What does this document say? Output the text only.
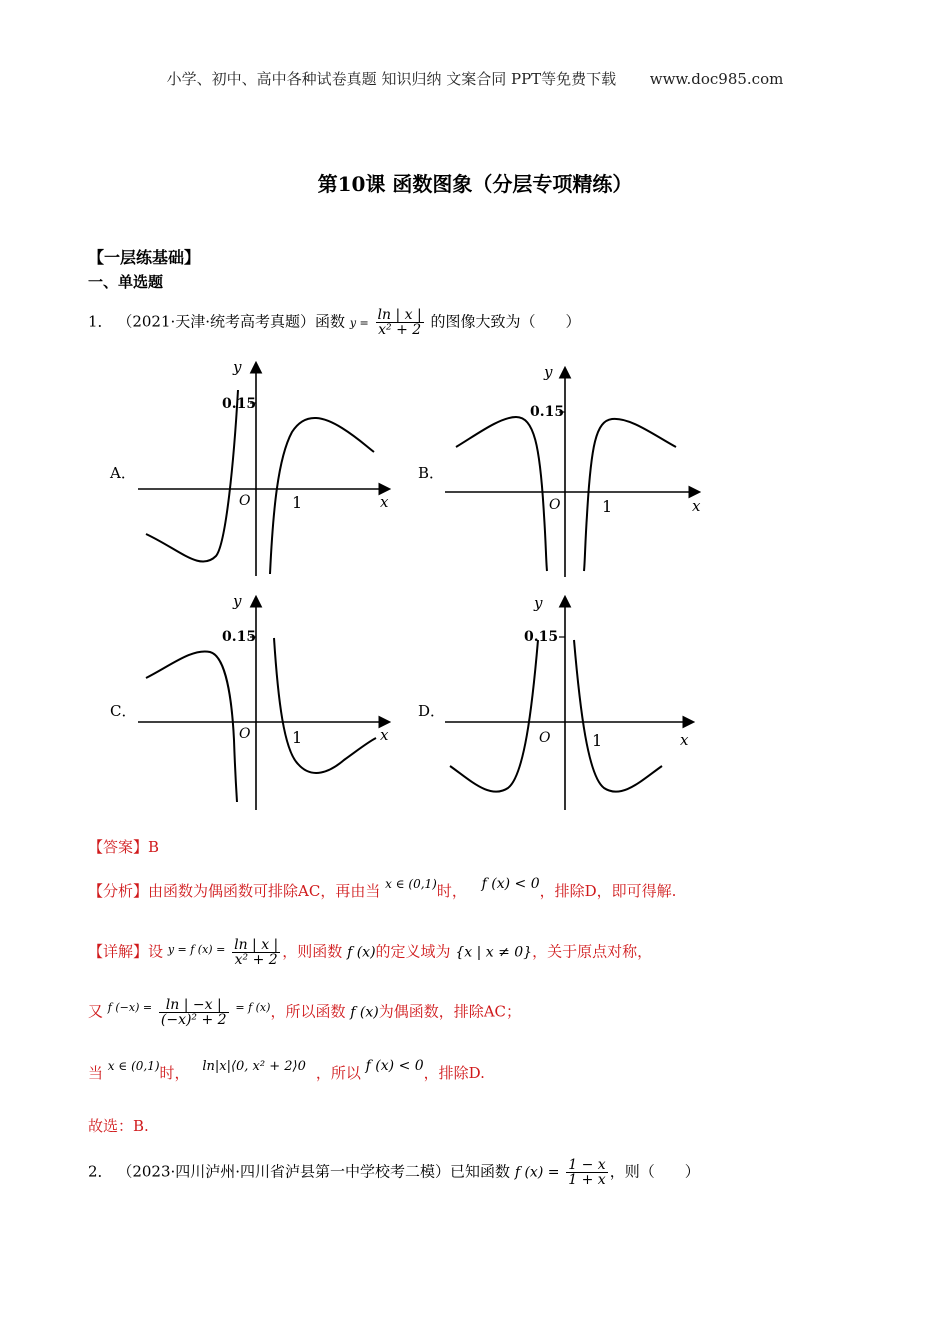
小学、初中、高中各种试卷真题 知识归纳 文案合同 PPT等免费下载 www.doc985.com
第10课 函数图象（分层专项精练）
【一层练基础】
一、单选题
1． （2021·天津·统考高考真题）函数 $y = \frac{\ln | x |}{\text{x² + 2}}$ 的图像大致为（　　）
A．	B．
C．	D．
0.15
y
x
O	1
0.15
y
x
O	1
0.15
y
x
O	1
0.15
y
x
O	1
【答案】B
【分析】由函数为偶函数可排除AC，再由当 $^{x \in (0,1)}$时， f (x) < 0，排除D，即可得解.
【详解】设 $^{y = f (x) =} \frac{\ln | x |}{\text{x² + 2}}$ ，则函数 f (x)的定义域为 {x | x ≠ 0}，关于原点对称，
又 $^{f (-x) =} \frac{\ln | -x |}{\text{(−x)² + 2}} ^{= f (x)}$，所以函数 f (x)为偶函数，排除AC；
当 $^{x \in (0,1)}$时， ln|x|⟨0, x² + 2⟩0 ，所以 f (x) < 0，排除D.
故选：B.
2． （2023·四川泸州·四川省泸县第一中学校考二模）已知函数 f $(x) = \frac{1 - x}{1 + x}$ ，则（　　）
